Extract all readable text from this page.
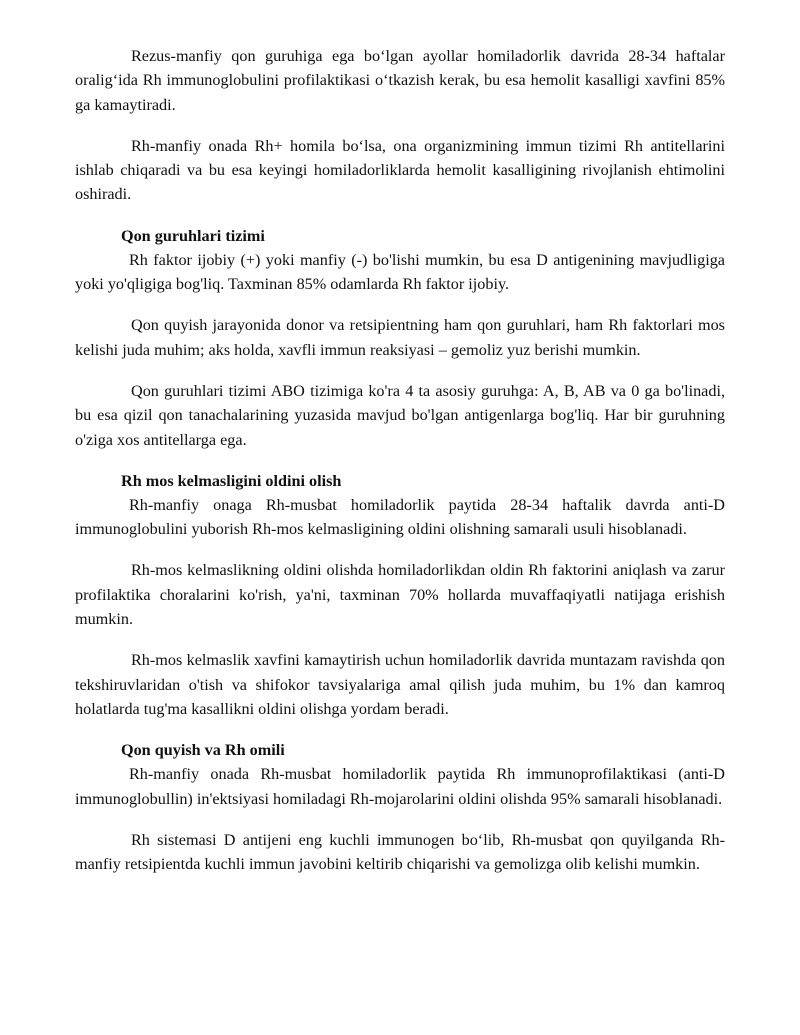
Rezus-manfiy qon guruhiga ega bo‘lgan ayollar homiladorlik davrida 28-34 haftalar oralig‘ida Rh immunoglobulini profilaktikasi o‘tkazish kerak, bu esa hemolit kasalligi xavfini 85% ga kamaytiradi.

Rh-manfiy onada Rh+ homila bo‘lsa, ona organizmining immun tizimi Rh antitellarini ishlab chiqaradi va bu esa keyingi homiladorliklarda hemolit kasalligining rivojlanish ehtimolini oshiradi.

Qon guruhlari tizimi

Rh faktor ijobiy (+) yoki manfiy (-) bo'lishi mumkin, bu esa D antigenining mavjudligiga yoki yo'qligiga bog'liq. Taxminan 85% odamlarda Rh faktor ijobiy.

Qon quyish jarayonida donor va retsipientning ham qon guruhlari, ham Rh faktorlari mos kelishi juda muhim; aks holda, xavfli immun reaksiyasi – gemoliz yuz berishi mumkin.

Qon guruhlari tizimi ABO tizimiga ko'ra 4 ta asosiy guruhga: A, B, AB va 0 ga bo'linadi, bu esa qizil qon tanachalarining yuzasida mavjud bo'lgan antigenlarga bog'liq. Har bir guruhning o'ziga xos antitellarga ega.

Rh mos kelmasligini oldini olish

Rh-manfiy onaga Rh-musbat homiladorlik paytida 28-34 haftalik davrda anti-D immunoglobulini yuborish Rh-mos kelmasligining oldini olishning samarali usuli hisoblanadi.

Rh-mos kelmaslikning oldini olishda homiladorlikdan oldin Rh faktorini aniqlash va zarur profilaktika choralarini ko'rish, ya'ni, taxminan 70% hollarda muvaffaqiyatli natijaga erishish mumkin.

Rh-mos kelmaslik xavfini kamaytirish uchun homiladorlik davrida muntazam ravishda qon tekshiruvlaridan o'tish va shifokor tavsiyalariga amal qilish juda muhim, bu 1% dan kamroq holatlarda tug'ma kasallikni oldini olishga yordam beradi.

Qon quyish va Rh omili

Rh-manfiy onada Rh-musbat homiladorlik paytida Rh immunoprofilaktikasi (anti-D immunoglobullin) in'ektsiyasi homiladagi Rh-mojarolarini oldini olishda 95% samarali hisoblanadi.

Rh sistemasi D antijeni eng kuchli immunogen bo‘lib, Rh-musbat qon quyilganda Rh-manfiy retsipientda kuchli immun javobini keltirib chiqarishi va gemolizga olib kelishi mumkin.
